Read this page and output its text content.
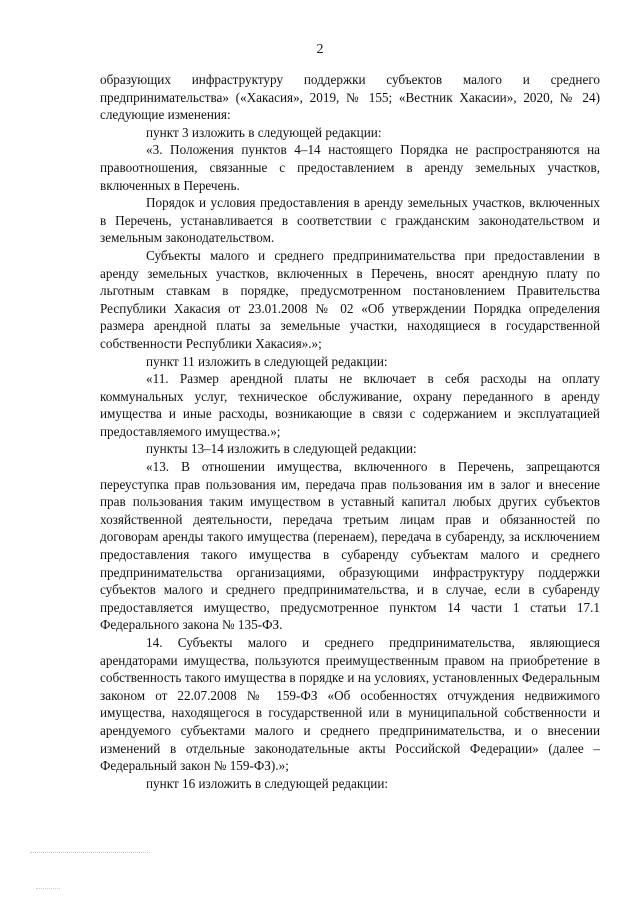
2

образующих инфраструктуру поддержки субъектов малого и среднего предпринимательства» («Хакасия», 2019, № 155; «Вестник Хакасии», 2020, № 24) следующие изменения:

пункт 3 изложить в следующей редакции:

«3. Положения пунктов 4–14 настоящего Порядка не распространяются на правоотношения, связанные с предоставлением в аренду земельных участков, включенных в Перечень.

Порядок и условия предоставления в аренду земельных участков, включенных в Перечень, устанавливается в соответствии с гражданским законодательством и земельным законодательством.

Субъекты малого и среднего предпринимательства при предоставлении в аренду земельных участков, включенных в Перечень, вносят арендную плату по льготным ставкам в порядке, предусмотренном постановлением Правительства Республики Хакасия от 23.01.2008 № 02 «Об утверждении Порядка определения размера арендной платы за земельные участки, находящиеся в государственной собственности Республики Хакасия».»;

пункт 11 изложить в следующей редакции:

«11. Размер арендной платы не включает в себя расходы на оплату коммунальных услуг, техническое обслуживание, охрану переданного в аренду имущества и иные расходы, возникающие в связи с содержанием и эксплуатацией предоставляемого имущества.»;

пункты 13–14 изложить в следующей редакции:

«13. В отношении имущества, включенного в Перечень, запрещаются переуступка прав пользования им, передача прав пользования им в залог и внесение прав пользования таким имуществом в уставный капитал любых других субъектов хозяйственной деятельности, передача третьим лицам прав и обязанностей по договорам аренды такого имущества (перенаем), передача в субаренду, за исключением предоставления такого имущества в субаренду субъектам малого и среднего предпринимательства организациями, образующими инфраструктуру поддержки субъектов малого и среднего предпринимательства, и в случае, если в субаренду предоставляется имущество, предусмотренное пунктом 14 части 1 статьи 17.1 Федерального закона № 135-ФЗ.

14. Субъекты малого и среднего предпринимательства, являющиеся арендаторами имущества, пользуются преимущественным правом на приобретение в собственность такого имущества в порядке и на условиях, установленных Федеральным законом от 22.07.2008 № 159-ФЗ «Об особенностях отчуждения недвижимого имущества, находящегося в государственной или в муниципальной собственности и арендуемого субъектами малого и среднего предпринимательства, и о внесении изменений в отдельные законодательные акты Российской Федерации» (далее – Федеральный закон № 159-ФЗ).»;

пункт 16 изложить в следующей редакции:
